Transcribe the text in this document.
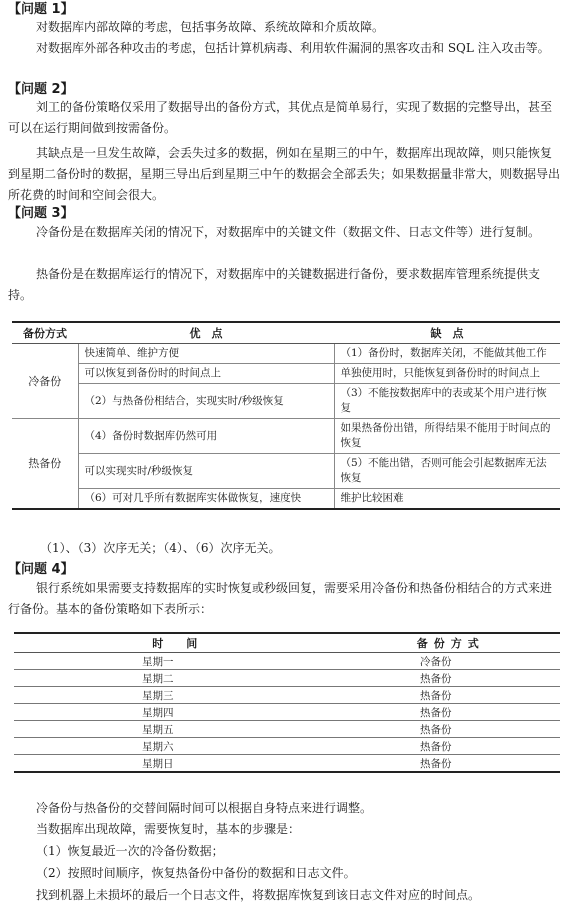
【问题 1】

对数据库内部故障的考虑，包括事务故障、系统故障和介质故障。

对数据库外部各种攻击的考虑，包括计算机病毒、利用软件漏洞的黑客攻击和 SQL 注入攻击等。

【问题 2】

刘工的备份策略仅采用了数据导出的备份方式，其优点是简单易行，实现了数据的完整导出，甚至可以在运行期间做到按需备份。

其缺点是一旦发生故障，会丢失过多的数据，例如在星期三的中午，数据库出现故障，则只能恢复到星期二备份时的数据，星期三导出后到星期三中午的数据会全部丢失；如果数据量非常大，则数据导出所花费的时间和空间会很大。

【问题 3】

冷备份是在数据库关闭的情况下，对数据库中的关键文件（数据文件、日志文件等）进行复制。

热备份是在数据库运行的情况下，对数据库中的关键数据进行备份，要求数据库管理系统提供支持。

备份方式	优　点	缺　点
冷备份	快速简单、维护方便	（1）备份时，数据库关闭，不能做其他工作
	可以恢复到备份时的时间点上	单独使用时，只能恢复到备份时的时间点上
	（2）与热备份相结合，实现实时/秒级恢复	（3）不能按数据库中的表或某个用户进行恢复
热备份	（4）备份时数据库仍然可用	如果热备份出错，所得结果不能用于时间点的恢复
	可以实现实时/秒级恢复	（5）不能出错，否则可能会引起数据库无法恢复
	（6）可对几乎所有数据库实体做恢复，速度快	维护比较困难

（1）、（3）次序无关；（4）、（6）次序无关。

【问题 4】

银行系统如果需要支持数据库的实时恢复或秒级回复，需要采用冷备份和热备份相结合的方式来进行备份。基本的备份策略如下表所示：

时　间	备份方式
星期一	冷备份
星期二	热备份
星期三	热备份
星期四	热备份
星期五	热备份
星期六	热备份
星期日	热备份

冷备份与热备份的交替间隔时间可以根据自身特点来进行调整。

当数据库出现故障，需要恢复时，基本的步骤是：

（1）恢复最近一次的冷备份数据；

（2）按照时间顺序，恢复热备份中备份的数据和日志文件。

找到机器上未损坏的最后一个日志文件，将数据库恢复到该日志文件对应的时间点。
